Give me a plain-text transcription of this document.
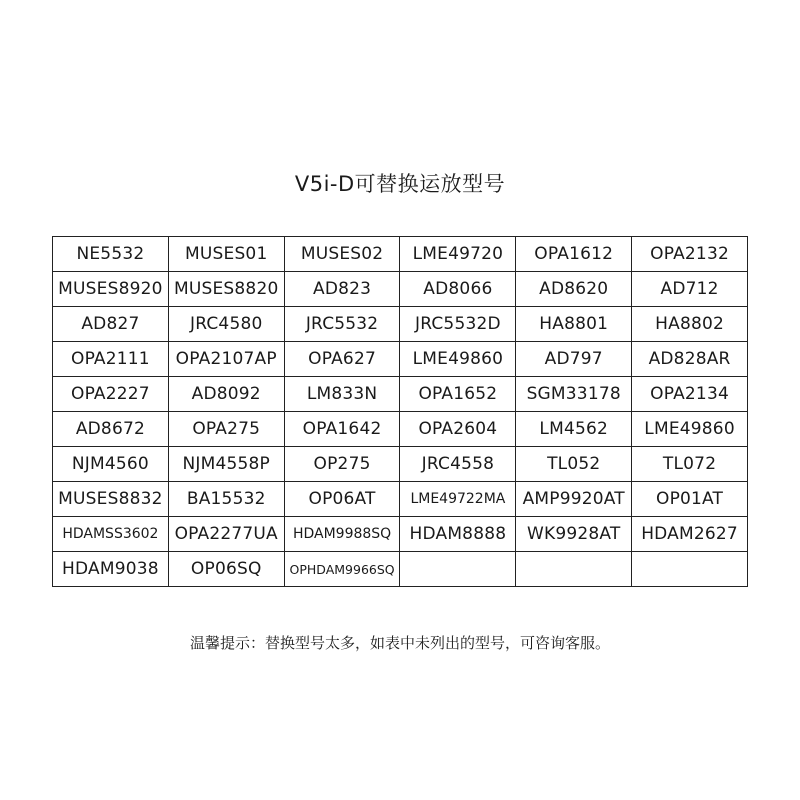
V5i-D可替换运放型号
NE5532	MUSES01	MUSES02	LME49720	OPA1612	OPA2132
MUSES8920	MUSES8820	AD823	AD8066	AD8620	AD712
AD827	JRC4580	JRC5532	JRC5532D	HA8801	HA8802
OPA2111	OPA2107AP	OPA627	LME49860	AD797	AD828AR
OPA2227	AD8092	LM833N	OPA1652	SGM33178	OPA2134
AD8672	OPA275	OPA1642	OPA2604	LM4562	LME49860
NJM4560	NJM4558P	OP275	JRC4558	TL052	TL072
MUSES8832	BA15532	OP06AT	LME49722MA	AMP9920AT	OP01AT
HDAMSS3602	OPA2277UA	HDAM9988SQ	HDAM8888	WK9928AT	HDAM2627
HDAM9038	OP06SQ	OPHDAM9966SQ			
温馨提示：替换型号太多，如表中未列出的型号，可咨询客服。
